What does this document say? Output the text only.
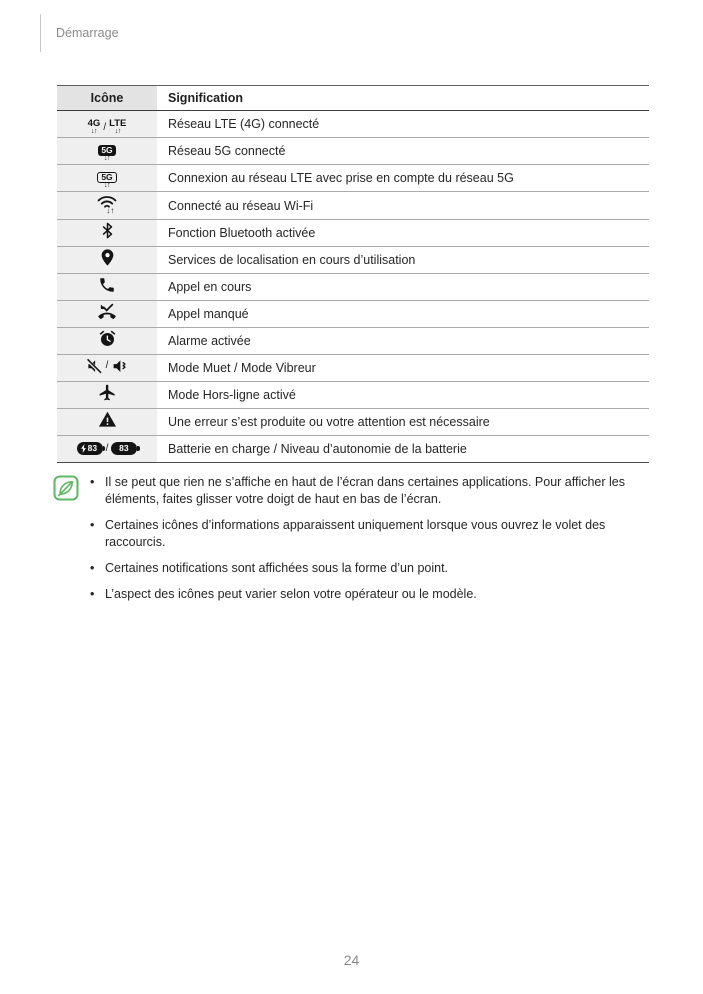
Démarrage
Icône	Signification

4G
↓↑ / LTE
↓↑	Réseau LTE (4G) connecté

5G
↓↑	Réseau 5G connecté

5G
↓↑	Connexion au réseau LTE avec prise en compte du réseau 5G

↓↑	Connecté au réseau Wi-Fi

	Fonction Bluetooth activée

	Services de localisation en cours d’utilisation

	Appel en cours

	Appel manqué

	Alarme activée

/	Mode Muet / Mode Vibreur

	Mode Hors-ligne activé

	Une erreur s’est produite ou votre attention est nécessaire

83 / 83	Batterie en charge / Niveau d’autonomie de la batterie
• Il se peut que rien ne s’affiche en haut de l’écran dans certaines applications. Pour afficher les éléments, faites glisser votre doigt de haut en bas de l’écran.
• Certaines icônes d’informations apparaissent uniquement lorsque vous ouvrez le volet des raccourcis.
• Certaines notifications sont affichées sous la forme d’un point.
• L’aspect des icônes peut varier selon votre opérateur ou le modèle.
24
